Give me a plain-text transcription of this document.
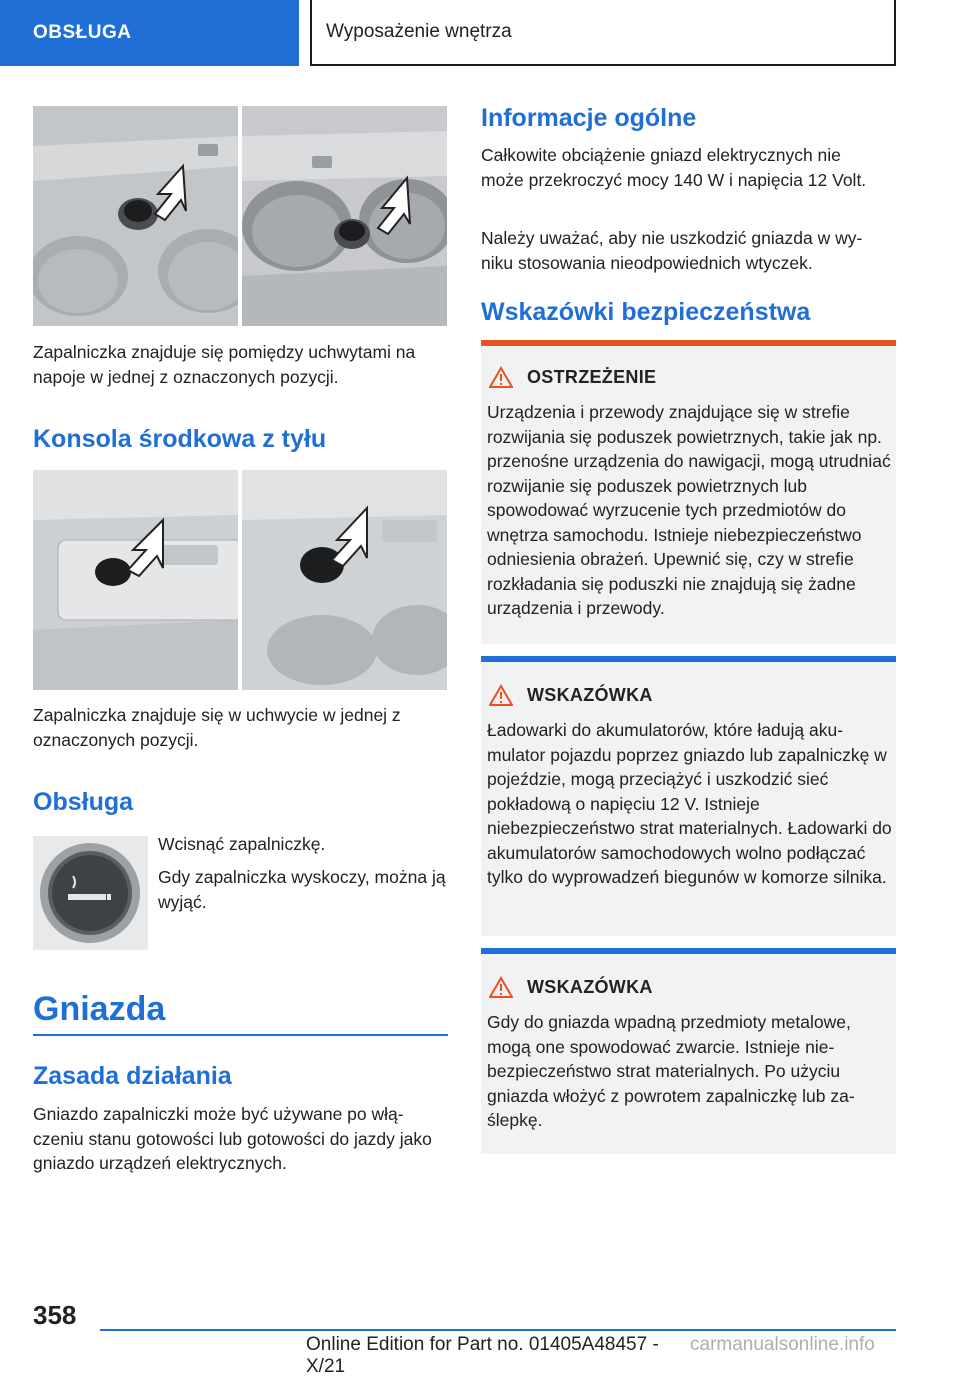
OBSŁUGA	Wyposażenie wnętrza
Zapalniczka znajduje się pomiędzy uchwytami na napoje w jednej z oznaczonych pozycji.
Konsola środkowa z tyłu
Zapalniczka znajduje się w uchwycie w jednej z oznaczonych pozycji.
Obsługa
Wcisnąć zapalniczkę.
Gdy zapalniczka wyskoczy, można ją wyjąć.
Gniazda
Zasada działania
Gniazdo zapalniczki może być używane po włączeniu stanu gotowości lub gotowości do jazdy jako gniazdo urządzeń elektrycznych.
Informacje ogólne
Całkowite obciążenie gniazd elektrycznych nie może przekroczyć mocy 140 W i napięcia 12 Volt.
Należy uważać, aby nie uszkodzić gniazda w wyniku stosowania nieodpowiednich wtyczek.
Wskazówki bezpieczeństwa
OSTRZEŻENIE
Urządzenia i przewody znajdujące się w strefie rozwijania się poduszek powietrznych, takie jak np. przenośne urządzenia do nawigacji, mogą utrudniać rozwijanie się poduszek powietrznych lub spowodować wyrzucenie tych przedmiotów do wnętrza samochodu. Istnieje niebezpieczeństwo odniesienia obrażeń. Upewnić się, czy w strefie rozkładania się poduszki nie znajdują się żadne urządzenia i przewody.
WSKAZÓWKA
Ładowarki do akumulatorów, które ładują akumulator pojazdu poprzez gniazdo lub zapalniczkę w pojeździe, mogą przeciążyć i uszkodzić sieć pokładową o napięciu 12 V. Istnieje niebezpieczeństwo strat materialnych. Ładowarki do akumulatorów samochodowych wolno podłączać tylko do wyprowadzeń biegunów w komorze silnika.
WSKAZÓWKA
Gdy do gniazda wpadną przedmioty metalowe, mogą one spowodować zwarcie. Istnieje niebezpieczeństwo strat materialnych. Po użyciu gniazda włożyć z powrotem zapalniczkę lub zaślepkę.
358
Online Edition for Part no. 01405A48457 - X/21
carmanualsonline.info
